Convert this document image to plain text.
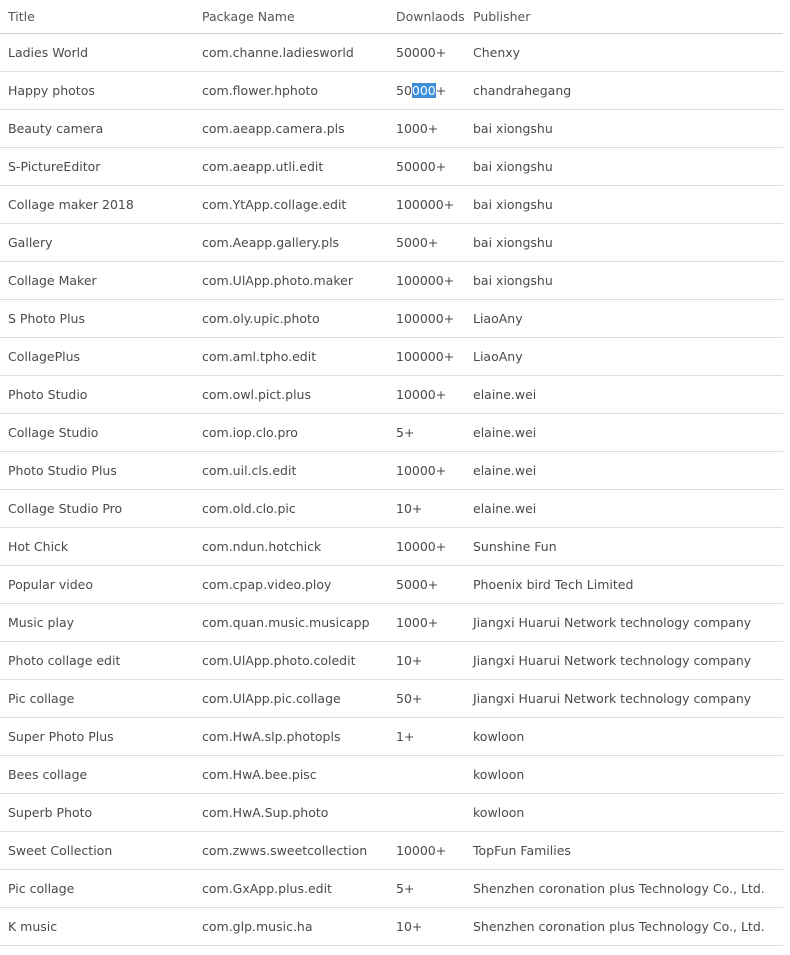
Title	Package Name	Downlaods	Publisher
Ladies World	com.channe.ladiesworld	50000+	Chenxy
Happy photos	com.flower.hphoto	50000+	chandrahegang
Beauty camera	com.aeapp.camera.pls	1000+	bai xiongshu
S-PictureEditor	com.aeapp.utli.edit	50000+	bai xiongshu
Collage maker 2018	com.YtApp.collage.edit	100000+	bai xiongshu
Gallery	com.Aeapp.gallery.pls	5000+	bai xiongshu
Collage Maker	com.UlApp.photo.maker	100000+	bai xiongshu
S Photo Plus	com.oly.upic.photo	100000+	LiaoAny
CollagePlus	com.aml.tpho.edit	100000+	LiaoAny
Photo Studio	com.owl.pict.plus	10000+	elaine.wei
Collage Studio	com.iop.clo.pro	5+	elaine.wei
Photo Studio Plus	com.uil.cls.edit	10000+	elaine.wei
Collage Studio Pro	com.old.clo.pic	10+	elaine.wei
Hot Chick	com.ndun.hotchick	10000+	Sunshine Fun
Popular video	com.cpap.video.ploy	5000+	Phoenix bird Tech Limited
Music play	com.quan.music.musicapp	1000+	Jiangxi Huarui Network technology company
Photo collage edit	com.UlApp.photo.coledit	10+	Jiangxi Huarui Network technology company
Pic collage	com.UlApp.pic.collage	50+	Jiangxi Huarui Network technology company
Super Photo Plus	com.HwA.slp.photopls	1+	kowloon
Bees collage	com.HwA.bee.pisc		kowloon
Superb Photo	com.HwA.Sup.photo		kowloon
Sweet Collection	com.zwws.sweetcollection	10000+	TopFun Families
Pic collage	com.GxApp.plus.edit	5+	Shenzhen coronation plus Technology Co., Ltd.
K music	com.glp.music.ha	10+	Shenzhen coronation plus Technology Co., Ltd.
